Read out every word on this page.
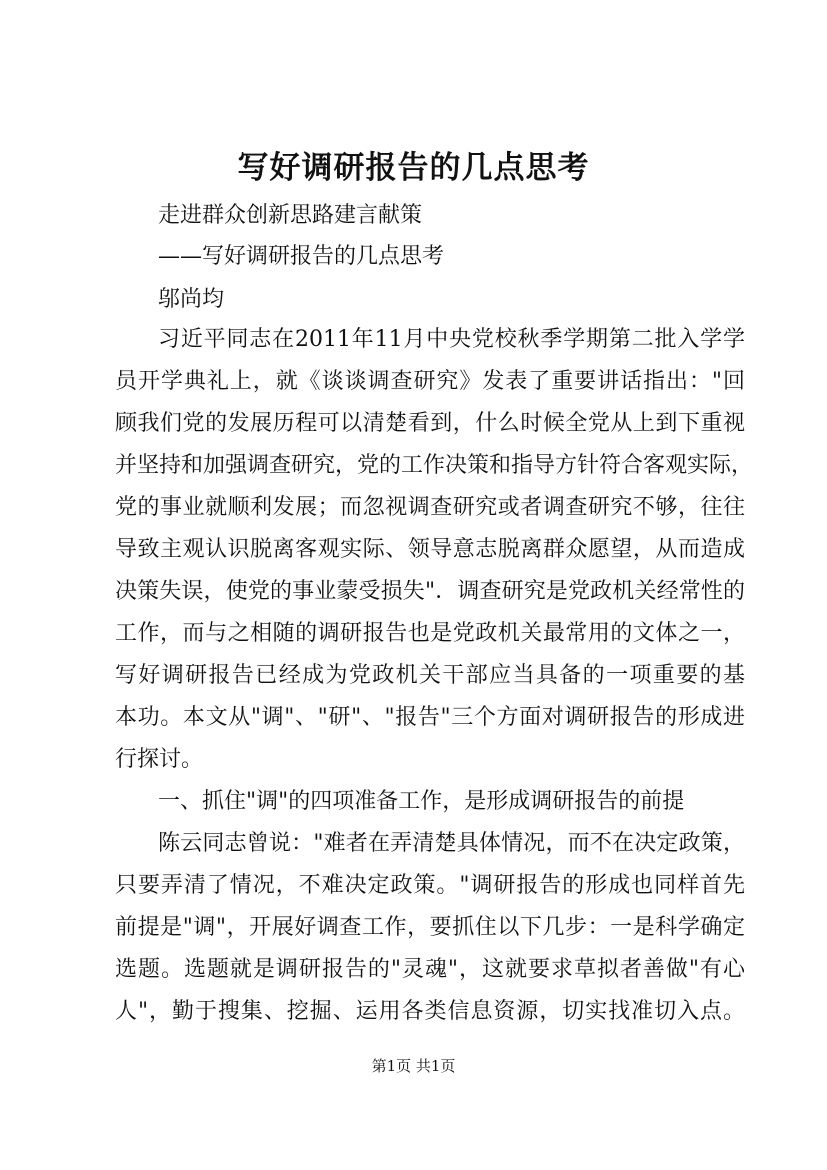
写好调研报告的几点思考
走进群众创新思路建言献策
——写好调研报告的几点思考
邬尚均
习近平同志在2011年11月中央党校秋季学期第二批入学学
员开学典礼上，就《谈谈调查研究》发表了重要讲话指出："回
顾我们党的发展历程可以清楚看到，什么时候全党从上到下重视
并坚持和加强调查研究，党的工作决策和指导方针符合客观实际，
党的事业就顺利发展；而忽视调查研究或者调查研究不够，往往
导致主观认识脱离客观实际、领导意志脱离群众愿望，从而造成
决策失误，使党的事业蒙受损失"．调查研究是党政机关经常性的
工作，而与之相随的调研报告也是党政机关最常用的文体之一，
写好调研报告已经成为党政机关干部应当具备的一项重要的基
本功。本文从"调"、"研"、"报告"三个方面对调研报告的形成进
行探讨。
一、抓住"调"的四项准备工作，是形成调研报告的前提
陈云同志曾说："难者在弄清楚具体情况，而不在决定政策，
只要弄清了情况，不难决定政策。"调研报告的形成也同样首先
前提是"调"，开展好调查工作，要抓住以下几步：一是科学确定
选题。选题就是调研报告的"灵魂"，这就要求草拟者善做"有心
人"，勤于搜集、挖掘、运用各类信息资源，切实找准切入点。
第1页 共1页
